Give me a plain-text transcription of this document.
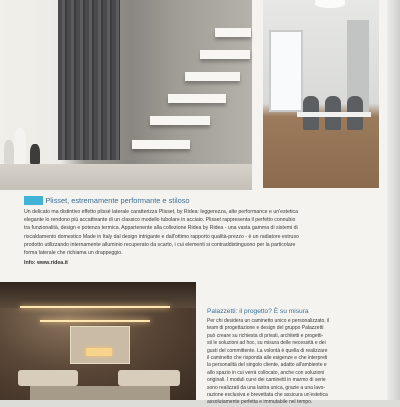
Ridea Plisset, estremamente performante e stiloso
Un delicato ma distintivo effetto plissè laterale caratterizza Plisset, by Ridea: leggerezza, alte performance e un'estetica
elegante lo rendono più accattivante di un classico modello tubolare in acciaio. Plisset rappresenta il perfetto connubio
tra funzionalità, design e potenza termica. Appartenente alla collezione Ridea by Ridea - una vasta gamma di sistemi di
riscaldamento domestico Made in Italy dal design intrigante e dall'ottimo rapporto qualità-prezzo - è un radiatore estruso
prodotto utilizzando internamente alluminio recuperato da scarto, i cui elementi si contraddistinguono per la particolare
forma laterale che richiama un drappeggio.
Info: www.ridea.it
Palazzetti: il progetto? È su misura
Per chi desidera un caminetto unico e personalizzato, il
team di progettazione e design del gruppo Palazzetti
può creare su richiesta di privati, architetti e progetti-
sti le soluzioni ad hoc, su misura delle necessità e dei
gusti del committente. La volontà è quella di realizzare
il caminetto che risponda alle esigenze e che interpreti
la personalità del singolo cliente, adatto all'ambiente e
allo spazio in cui verrà collocato, anche con soluzioni
originali. I moduli curvi dei caminetti in marmo di serie
sono realizzati da una lastra unica, grazie a una lavo-
razione esclusiva e brevettata che assicura un'estetica
assolutamente perfetta e immutabile nel tempo.
